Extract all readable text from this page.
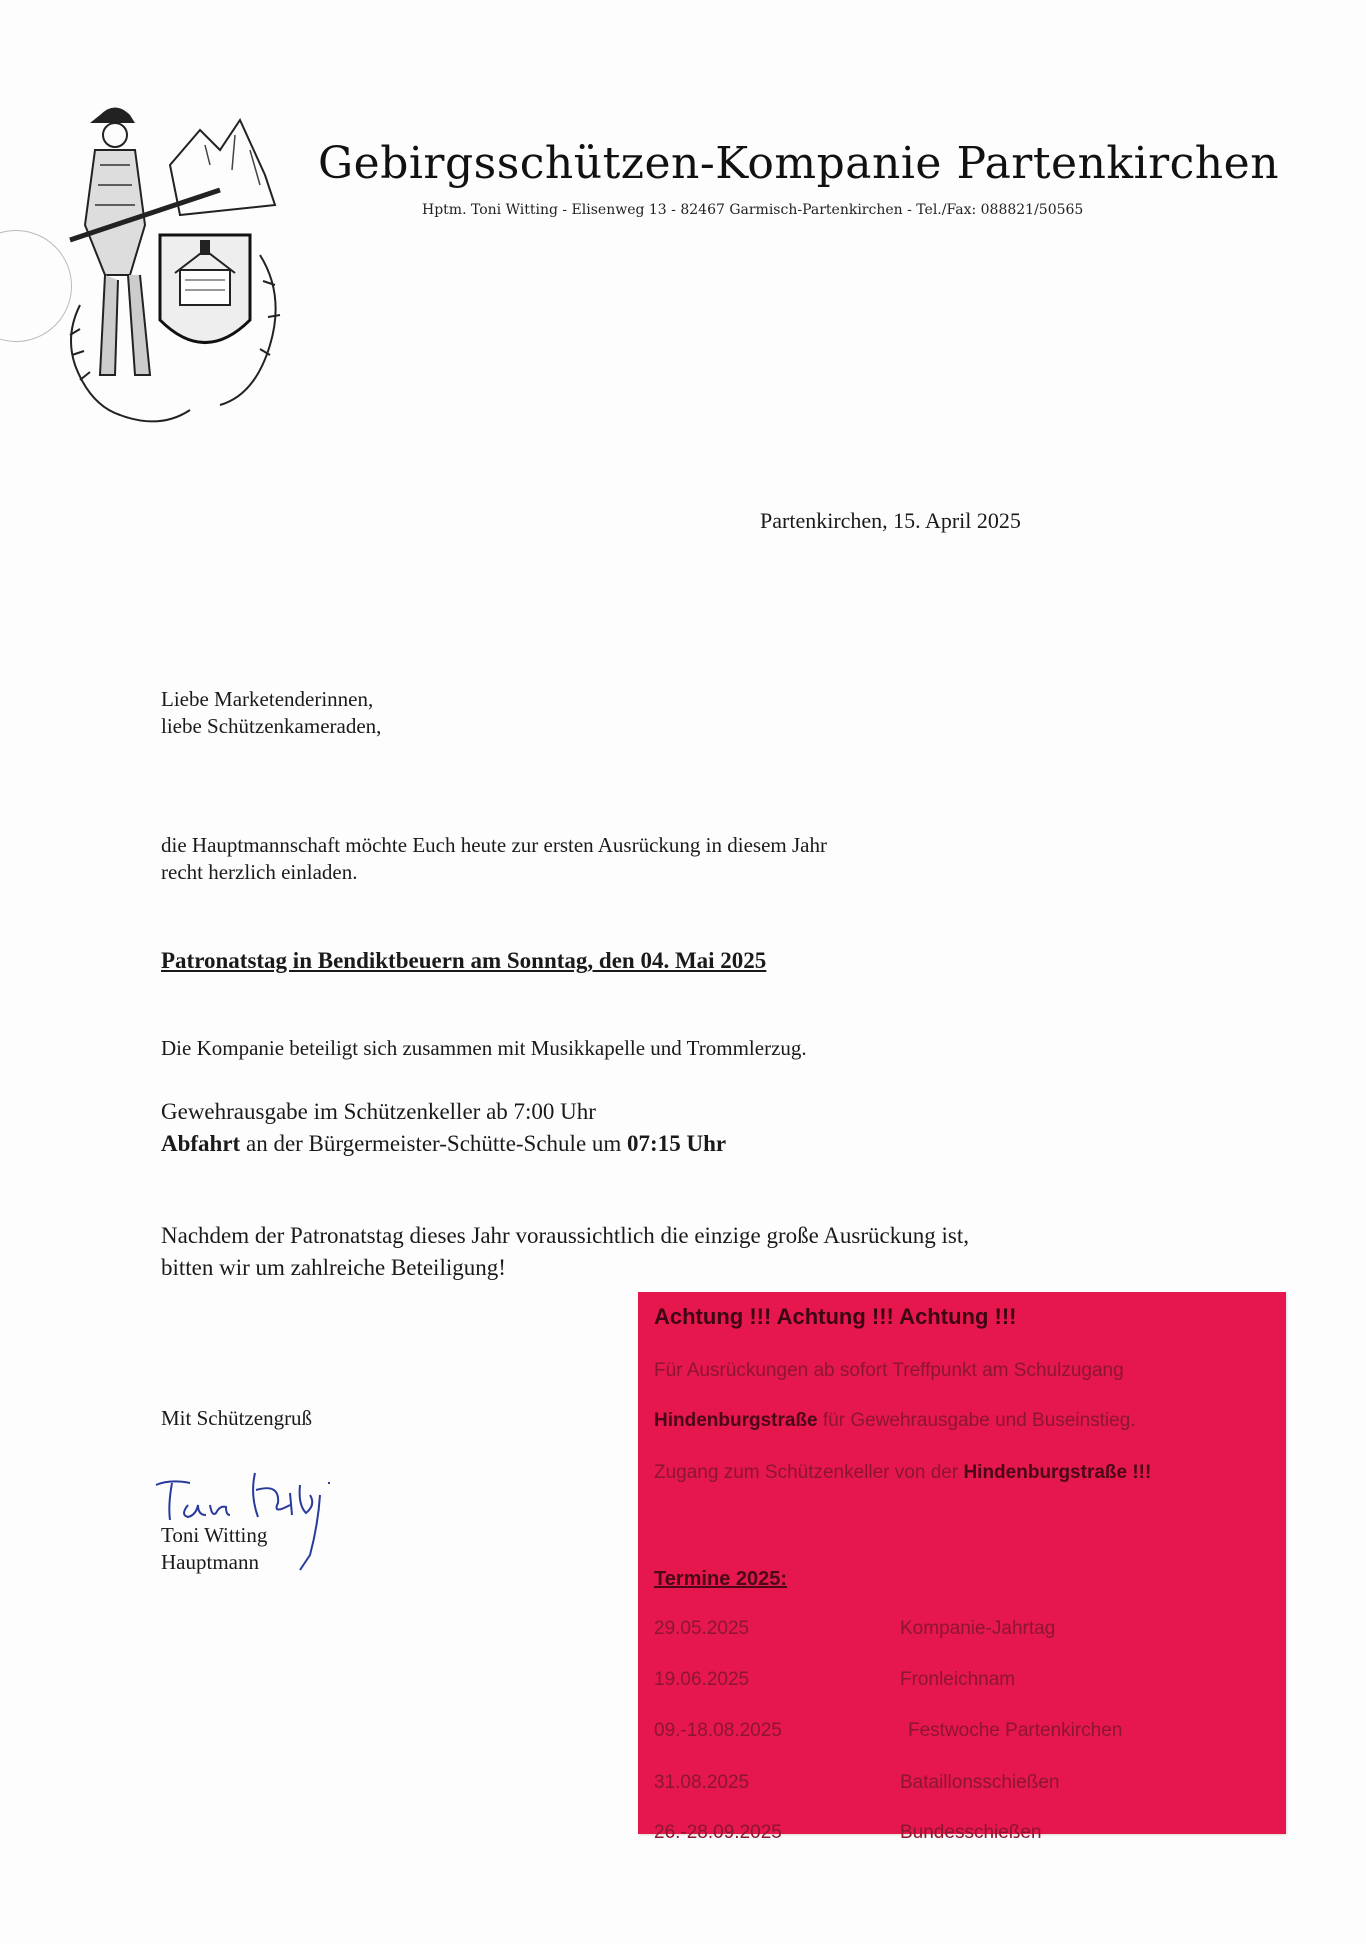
Gebirgsschützen-Kompanie Partenkirchen
Hptm. Toni Witting - Elisenweg 13 - 82467 Garmisch-Partenkirchen - Tel./Fax: 088821/50565
Partenkirchen, 15. April 2025
Liebe Marketenderinnen,
liebe Schützenkameraden,
die Hauptmannschaft möchte Euch heute zur ersten Ausrückung in diesem Jahr
recht herzlich einladen.
Patronatstag in Bendiktbeuern am Sonntag, den 04. Mai 2025
Die Kompanie beteiligt sich zusammen mit Musikkapelle und Trommlerzug.
Gewehrausgabe im Schützenkeller ab 7:00 Uhr
Abfahrt an der Bürgermeister-Schütte-Schule um 07:15 Uhr
Nachdem der Patronatstag dieses Jahr voraussichtlich die einzige große Ausrückung ist,
bitten wir um zahlreiche Beteiligung!
Mit Schützengruß
Toni Witting
Hauptmann
Achtung !!! Achtung !!! Achtung !!!
Für Ausrückungen ab sofort Treffpunkt am Schulzugang
Hindenburgstraße für Gewehrausgabe und Buseinstieg.
Zugang zum Schützenkeller von der Hindenburgstraße !!!
Termine 2025:
29.05.2025	Kompanie-Jahrtag
19.06.2025	Fronleichnam
09.-18.08.2025	Festwoche Partenkirchen
31.08.2025	Bataillonsschießen
26.-28.09.2025	Bundesschießen
